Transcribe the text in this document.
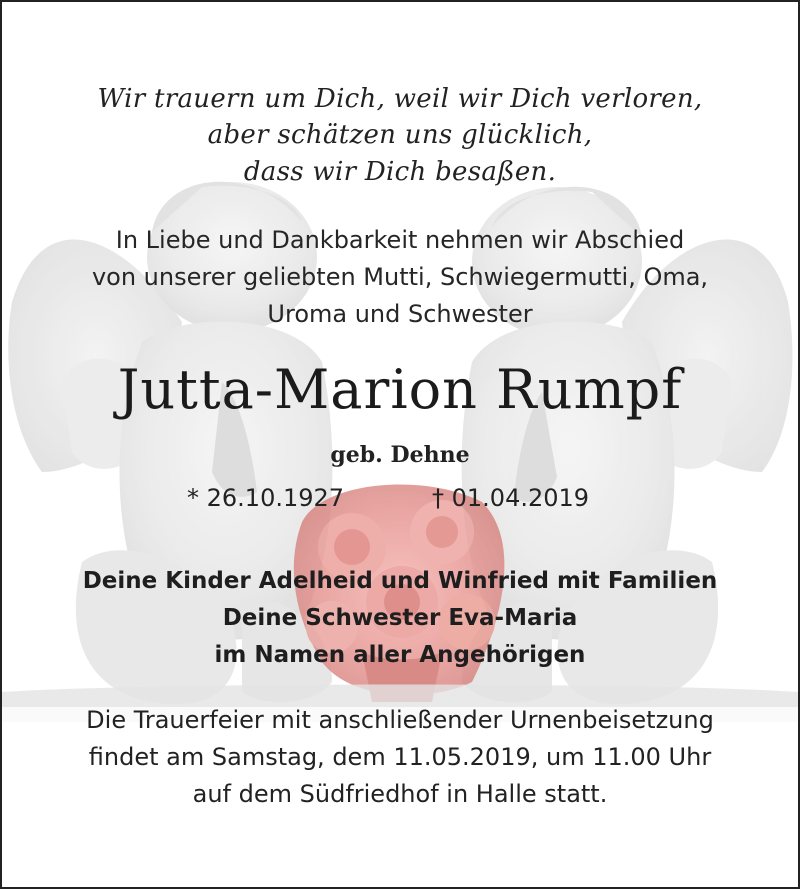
Wir trauern um Dich, weil wir Dich verloren,
aber schätzen uns glücklich,
dass wir Dich besaßen.
In Liebe und Dankbarkeit nehmen wir Abschied
von unserer geliebten Mutti, Schwiegermutti, Oma,
Uroma und Schwester
Jutta-Marion Rumpf
geb. Dehne
* 26.10.1927	† 01.04.2019
Deine Kinder Adelheid und Winfried mit Familien
Deine Schwester Eva-Maria
im Namen aller Angehörigen
Die Trauerfeier mit anschließender Urnenbeisetzung
findet am Samstag, dem 11.05.2019, um 11.00 Uhr
auf dem Südfriedhof in Halle statt.
